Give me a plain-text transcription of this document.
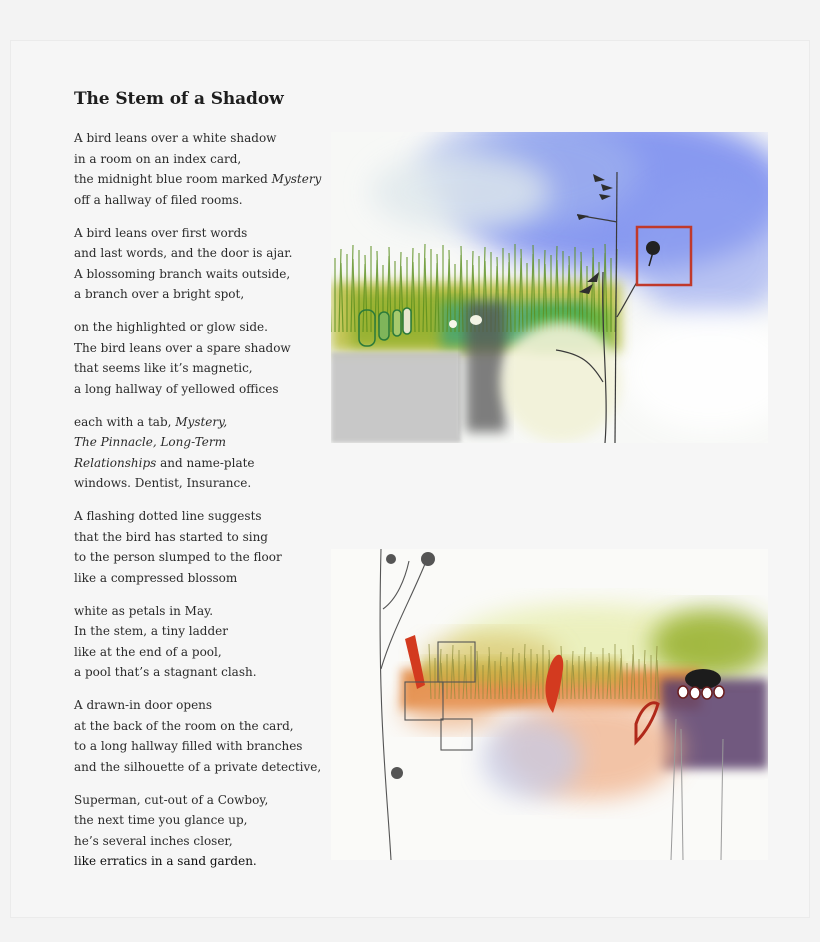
The Stem of a Shadow
A bird leans over a white shadow
in a room on an index card,
the midnight blue room marked Mystery
off a hallway of filed rooms.
A bird leans over first words
and last words, and the door is ajar.
A blossoming branch waits outside,
a branch over a bright spot,
on the highlighted or glow side.
The bird leans over a spare shadow
that seems like it’s magnetic,
a long hallway of yellowed offices
each with a tab, Mystery,
The Pinnacle, Long-Term
Relationships and name-plate
windows. Dentist, Insurance.
A flashing dotted line suggests
that the bird has started to sing
to the person slumped to the floor
like a compressed blossom
white as petals in May.
In the stem, a tiny ladder
like at the end of a pool,
a pool that’s a stagnant clash.
A drawn-in door opens
at the back of the room on the card,
to a long hallway filled with branches
and the silhouette of a private detective,
Superman, cut-out of a Cowboy,
the next time you glance up,
he’s several inches closer,
like erratics in a sand garden.
